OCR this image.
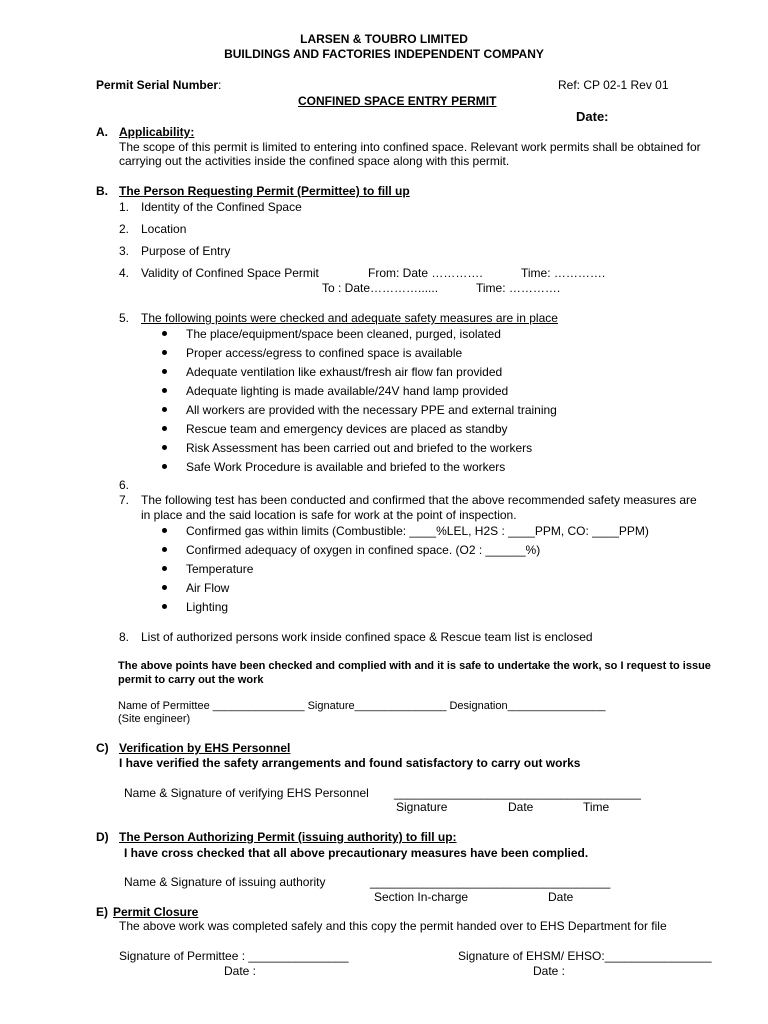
LARSEN & TOUBRO LIMITED
BUILDINGS AND FACTORIES INDEPENDENT COMPANY
Permit Serial Number:	Ref: CP 02-1 Rev 01
CONFINED SPACE ENTRY PERMIT
Date:
A. Applicability:
The scope of this permit is limited to entering into confined space. Relevant work permits shall be obtained for
carrying out the activities inside the confined space along with this permit.
B. The Person Requesting Permit (Permittee) to fill up
1. Identity of the Confined Space
2. Location
3. Purpose of Entry
4. Validity of Confined Space Permit	From: Date ………….	Time: ………….
To : Date…………......	Time: ………….
5. The following points were checked and adequate safety measures are in place
The place/equipment/space been cleaned, purged, isolated
Proper access/egress to confined space is available
Adequate ventilation like exhaust/fresh air flow fan provided
Adequate lighting is made available/24V hand lamp provided
All workers are provided with the necessary PPE and external training
Rescue team and emergency devices are placed as standby
Risk Assessment has been carried out and briefed to the workers
Safe Work Procedure is available and briefed to the workers
6.
7. The following test has been conducted and confirmed that the above recommended safety measures are
in place and the said location is safe for work at the point of inspection.
Confirmed gas within limits (Combustible: ____%LEL, H2S : ____PPM, CO: ____PPM)
Confirmed adequacy of oxygen in confined space. (O2 : ______%)
Temperature
Air Flow
Lighting
8. List of authorized persons work inside confined space & Rescue team list is enclosed
The above points have been checked and complied with and it is safe to undertake the work, so I request to issue
permit to carry out the work
Name of Permittee _______________ Signature_______________ Designation________________
(Site engineer)
C) Verification by EHS Personnel
I have verified the safety arrangements and found satisfactory to carry out works
Name & Signature of verifying EHS Personnel _____________________________________
Signature	Date	Time
D) The Person Authorizing Permit (issuing authority) to fill up:
I have cross checked that all above precautionary measures have been complied.
Name & Signature of issuing authority	____________________________________
Section In-charge	Date
E) Permit Closure
The above work was completed safely and this copy the permit handed over to EHS Department for file
Signature of Permittee : _______________	Signature of EHSM/ EHSO:________________
Date :	Date :
